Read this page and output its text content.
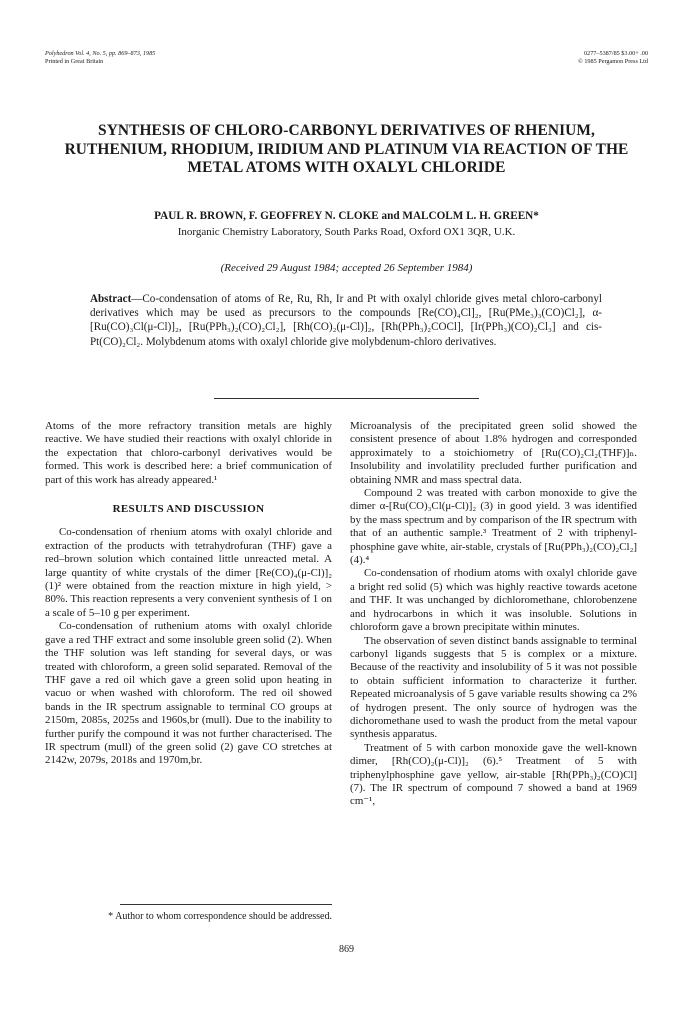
Polyhedron Vol. 4, No. 5, pp. 869–873, 1985
Printed in Great Britain
0277–5387/85 $3.00+ .00
© 1985 Pergamon Press Ltd
SYNTHESIS OF CHLORO-CARBONYL DERIVATIVES OF RHENIUM, RUTHENIUM, RHODIUM, IRIDIUM AND PLATINUM VIA REACTION OF THE METAL ATOMS WITH OXALYL CHLORIDE
PAUL R. BROWN, F. GEOFFREY N. CLOKE and MALCOLM L. H. GREEN*
Inorganic Chemistry Laboratory, South Parks Road, Oxford OX1 3QR, U.K.
(Received 29 August 1984; accepted 26 September 1984)
Abstract—Co-condensation of atoms of Re, Ru, Rh, Ir and Pt with oxalyl chloride gives metal chloro-carbonyl derivatives which may be used as precursors to the compounds [Re(CO)₄Cl]₂, [Ru(PMe₃)₃(CO)Cl₂], α-[Ru(CO)₃Cl(μ-Cl)]₂, [Ru(PPh₃)₂(CO)₂Cl₂], [Rh(CO)₂(μ-Cl)]₂, [Rh(PPh₃)₂COCl], [Ir(PPh₃)(CO)₂Cl₃] and cis-Pt(CO)₂Cl₂. Molybdenum atoms with oxalyl chloride give molybdenum-chloro derivatives.

Atoms of the more refractory transition metals are highly reactive. We have studied their reactions with oxalyl chloride in the expectation that chloro-carbonyl derivatives would be formed. This work is described here: a brief communication of part of this work has already appeared.¹

RESULTS AND DISCUSSION

Co-condensation of rhenium atoms with oxalyl chloride and extraction of the products with tetrahydrofuran (THF) gave a red–brown solution which contained little unreacted metal. A large quantity of white crystals of the dimer [Re(CO)₄(μ-Cl)]₂ (1)² were obtained from the reaction mixture in high yield, > 80%. This reaction represents a very convenient synthesis of 1 on a scale of 5–10 g per experiment.

Co-condensation of ruthenium atoms with oxalyl chloride gave a red THF extract and some insoluble green solid (2). When the THF solution was left standing for several days, or was treated with chloroform, a green solid separated. Removal of the THF gave a red oil which gave a green solid upon heating in vacuo or when washed with chloroform. The red oil showed bands in the IR spectrum assignable to terminal CO groups at 2150m, 2085s, 2025s and 1960s,br (mull). Due to the inability to further purify the compound it was not further characterised. The IR spectrum (mull) of the green solid (2) gave CO stretches at 2142w, 2079s, 2018s and 1970m,br.

Microanalysis of the precipitated green solid showed the consistent presence of about 1.8% hydrogen and corresponded approximately to a stoichiometry of [Ru(CO)₂Cl₂(THF)]ₙ. Insolubility and involatility precluded further purification and obtaining NMR and mass spectral data.

Compound 2 was treated with carbon monoxide to give the dimer α-[Ru(CO)₃Cl(μ-Cl)]₂ (3) in good yield. 3 was identified by the mass spectrum and by comparison of the IR spectrum with that of an authentic sample.³ Treatment of 2 with triphenyl-phosphine gave white, air-stable, crystals of [Ru(PPh₃)₂(CO)₂Cl₂] (4).⁴

Co-condensation of rhodium atoms with oxalyl chloride gave a bright red solid (5) which was highly reactive towards acetone and THF. It was unchanged by dichloromethane, chlorobenzene and hydrocarbons in which it was insoluble. Solutions in chloroform gave a brown precipitate within minutes.

The observation of seven distinct bands assignable to terminal carbonyl ligands suggests that 5 is complex or a mixture. Because of the reactivity and insolubility of 5 it was not possible to obtain sufficient information to characterize it further. Repeated microanalysis of 5 gave variable results showing ca 2% of hydrogen present. The only source of hydrogen was the dichoromethane used to wash the product from the metal vapour synthesis apparatus.

Treatment of 5 with carbon monoxide gave the well-known dimer, [Rh(CO)₂(μ-Cl)]₂ (6).⁵ Treatment of 5 with triphenylphosphine gave yellow, air-stable [Rh(PPh₃)₂(CO)Cl] (7). The IR spectrum of compound 7 showed a band at 1969 cm⁻¹,

* Author to whom correspondence should be addressed.
869
